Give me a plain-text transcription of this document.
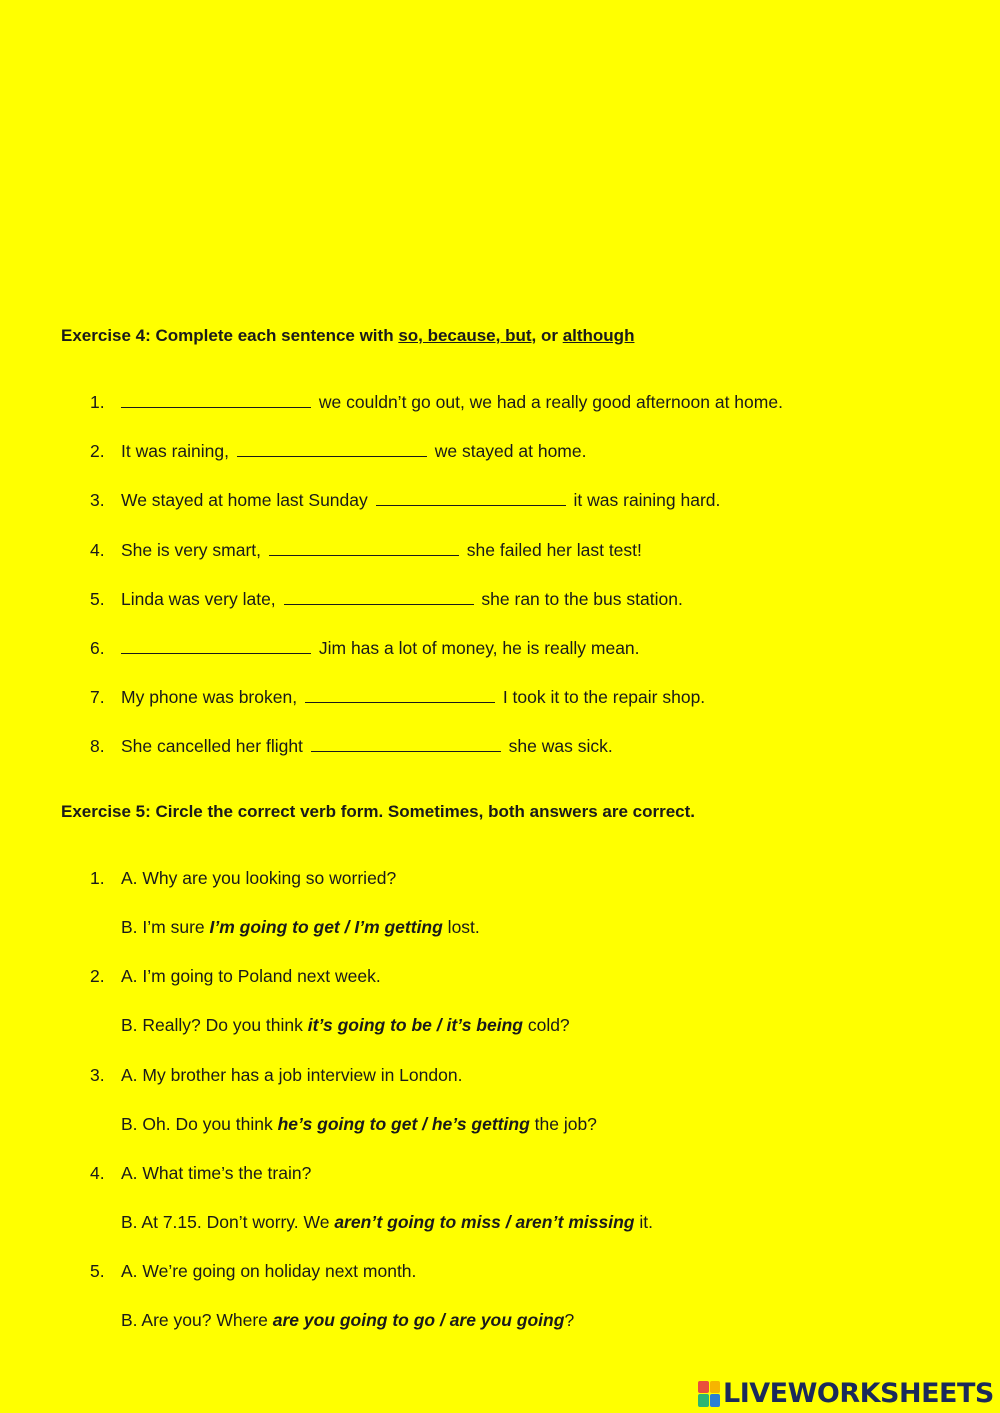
Exercise 4: Complete each sentence with so, because, but, or although
1.	we couldn’t go out, we had a really good afternoon at home.
2. It was raining,	we stayed at home.
3. We stayed at home last Sunday	it was raining hard.
4. She is very smart,	she failed her last test!
5. Linda was very late,	she ran to the bus station.
6.	Jim has a lot of money, he is really mean.
7. My phone was broken,	I took it to the repair shop.
8. She cancelled her flight	she was sick.
Exercise 5: Circle the correct verb form. Sometimes, both answers are correct.
1. A. Why are you looking so worried?
B. I’m sure I’m going to get / I’m getting lost.
2. A. I’m going to Poland next week.
B. Really? Do you think it’s going to be / it’s being cold?
3. A. My brother has a job interview in London.
B. Oh. Do you think he’s going to get / he’s getting the job?
4. A. What time’s the train?
B. At 7.15. Don’t worry. We aren’t going to miss / aren’t missing it.
5. A. We’re going on holiday next month.
B. Are you? Where are you going to go / are you going?
LIVEWORKSHEETS
